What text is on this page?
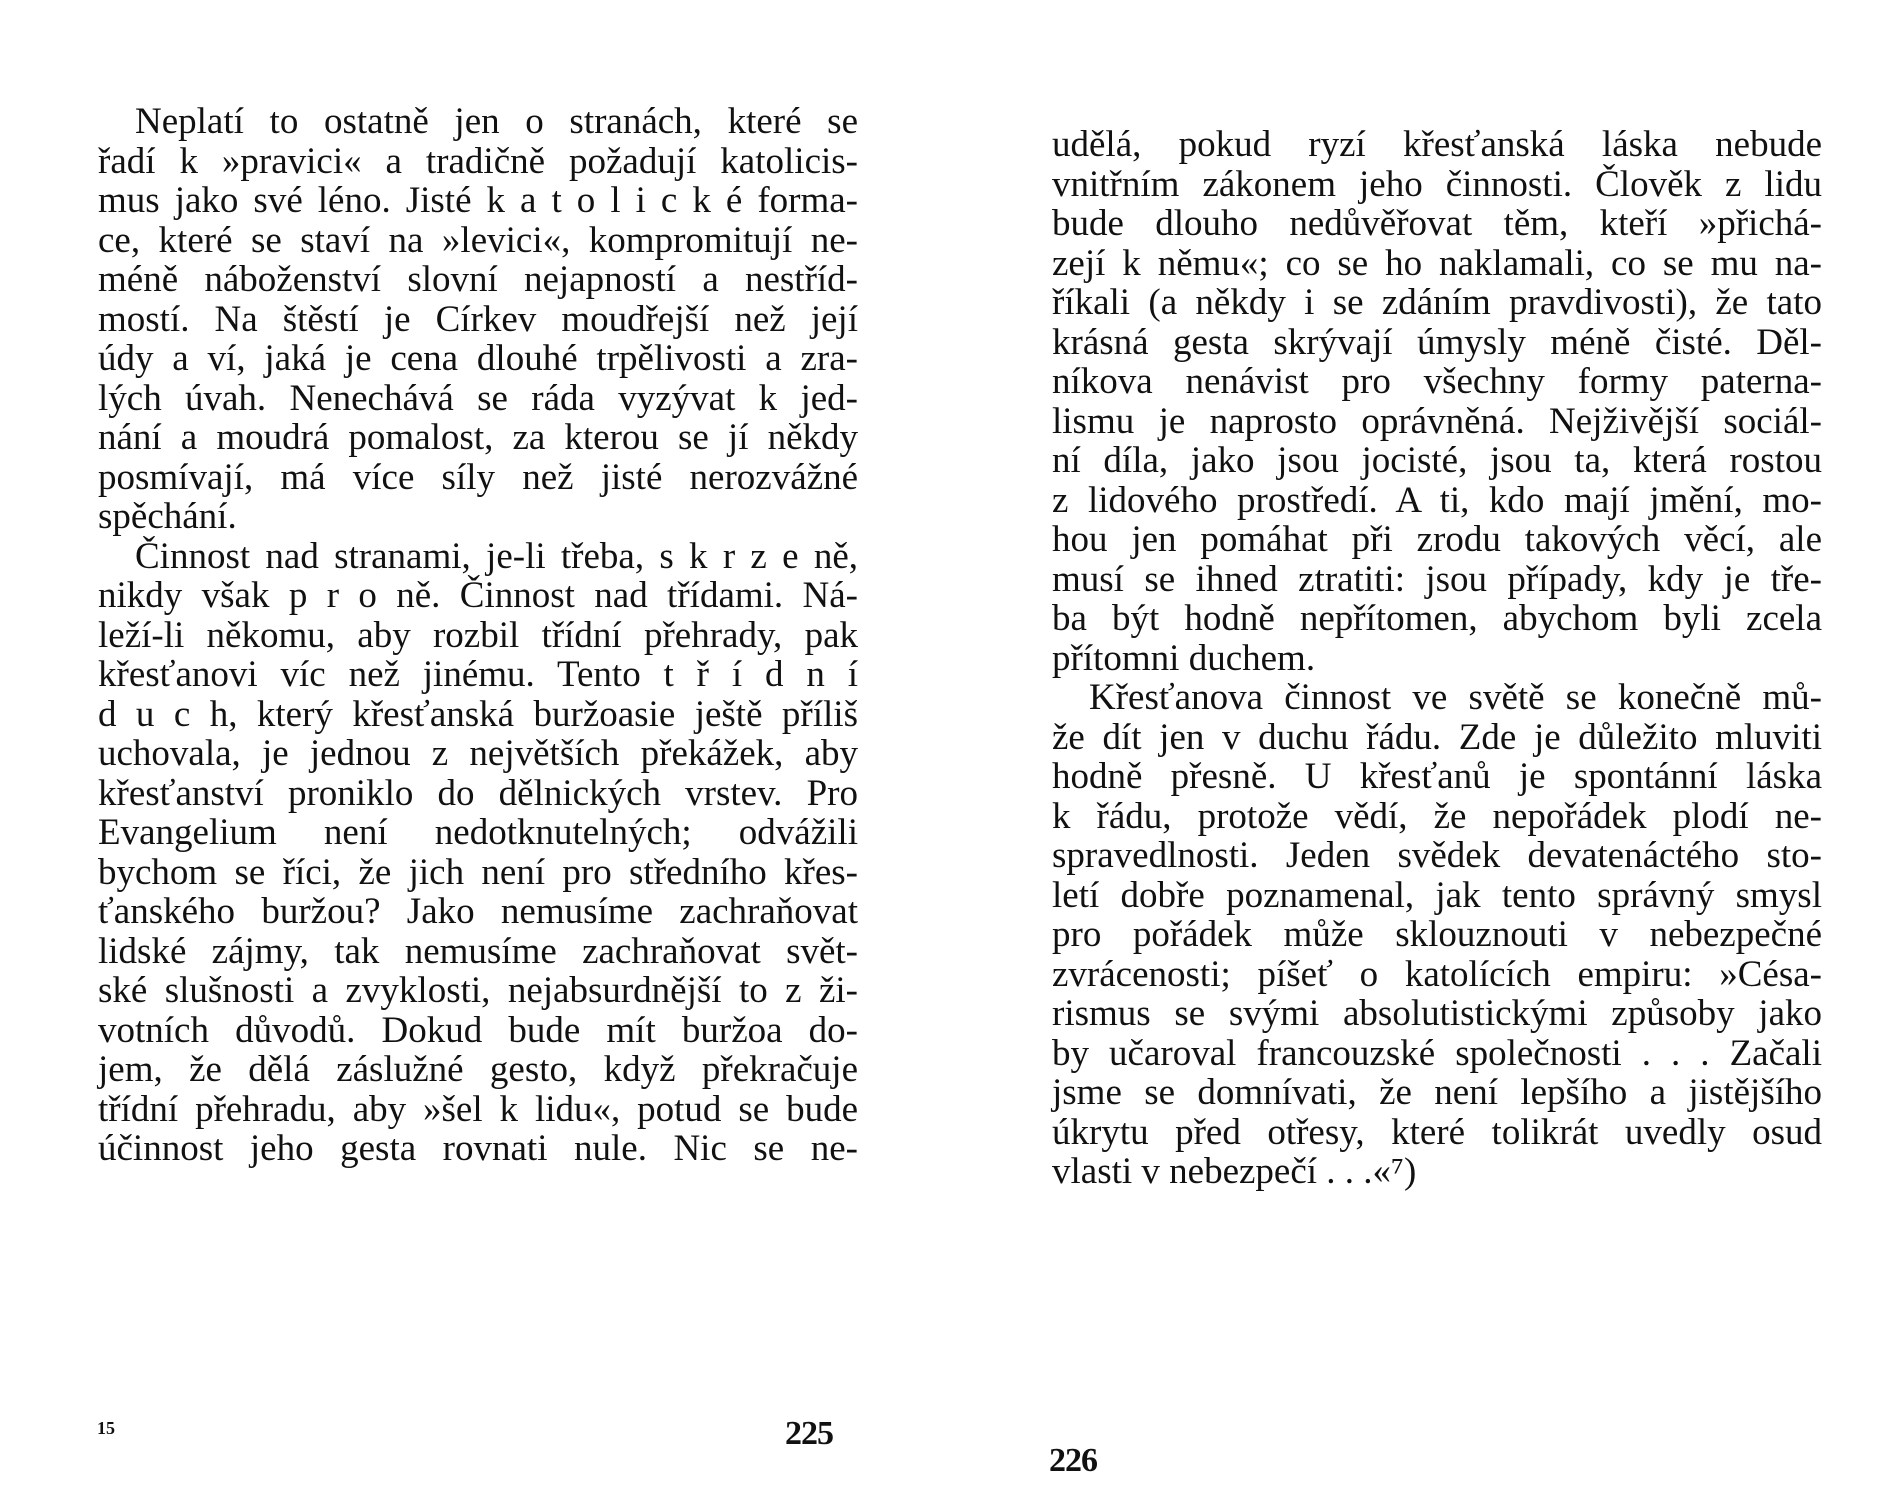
Neplatí to ostatně jen o stranách, které se
řadí k »pravici« a tradičně požadují katolicis-
mus jako své léno. Jisté k a t o l i c k é forma-
ce, které se staví na »levici«, kompromitují ne-
méně náboženství slovní nejapností a nestříd-
mostí. Na štěstí je Církev moudřejší než její
údy a ví, jaká je cena dlouhé trpělivosti a zra-
lých úvah. Nenechává se ráda vyzývat k jed-
nání a moudrá pomalost, za kterou se jí někdy
posmívají, má více síly než jisté nerozvážné
spěchání.
Činnost nad stranami, je-li třeba, s k r z e ně,
nikdy však p r o ně. Činnost nad třídami. Ná-
leží-li někomu, aby rozbil třídní přehrady, pak
křesťanovi víc než jinému. Tento t ř í d n í
d u c h, který křesťanská buržoasie ještě příliš
uchovala, je jednou z největších překážek, aby
křesťanství proniklo do dělnických vrstev. Pro
Evangelium není nedotknutelných; odvážili
bychom se říci, že jich není pro středního křes-
ťanského buržou? Jako nemusíme zachraňovat
lidské zájmy, tak nemusíme zachraňovat svět-
ské slušnosti a zvyklosti, nejabsurdnější to z ži-
votních důvodů. Dokud bude mít buržoa do-
jem, že dělá záslužné gesto, když překračuje
třídní přehradu, aby »šel k lidu«, potud se bude
účinnost jeho gesta rovnati nule. Nic se ne-
15	225
udělá, pokud ryzí křesťanská láska nebude
vnitřním zákonem jeho činnosti. Člověk z lidu
bude dlouho nedůvěřovat těm, kteří »přichá-
zejí k němu«; co se ho naklamali, co se mu na-
říkali (a někdy i se zdáním pravdivosti), že tato
krásná gesta skrývají úmysly méně čisté. Děl-
níkova nenávist pro všechny formy paterna-
lismu je naprosto oprávněná. Nejživější sociál-
ní díla, jako jsou jocisté, jsou ta, která rostou
z lidového prostředí. A ti, kdo mají jmění, mo-
hou jen pomáhat při zrodu takových věcí, ale
musí se ihned ztratiti: jsou případy, kdy je tře-
ba být hodně nepřítomen, abychom byli zcela
přítomni duchem.
Křesťanova činnost ve světě se konečně mů-
že dít jen v duchu řádu. Zde je důležito mluviti
hodně přesně. U křesťanů je spontánní láska
k řádu, protože vědí, že nepořádek plodí ne-
spravedlnosti. Jeden svědek devatenáctého sto-
letí dobře poznamenal, jak tento správný smysl
pro pořádek může sklouznouti v nebezpečné
zvrácenosti; píšeť o katolících empiru: »Césa-
rismus se svými absolutistickými způsoby jako
by učaroval francouzské společnosti . . . Začali
jsme se domnívati, že není lepšího a jistějšího
úkrytu před otřesy, které tolikrát uvedly osud
vlasti v nebezpečí . . .«⁷)
226
